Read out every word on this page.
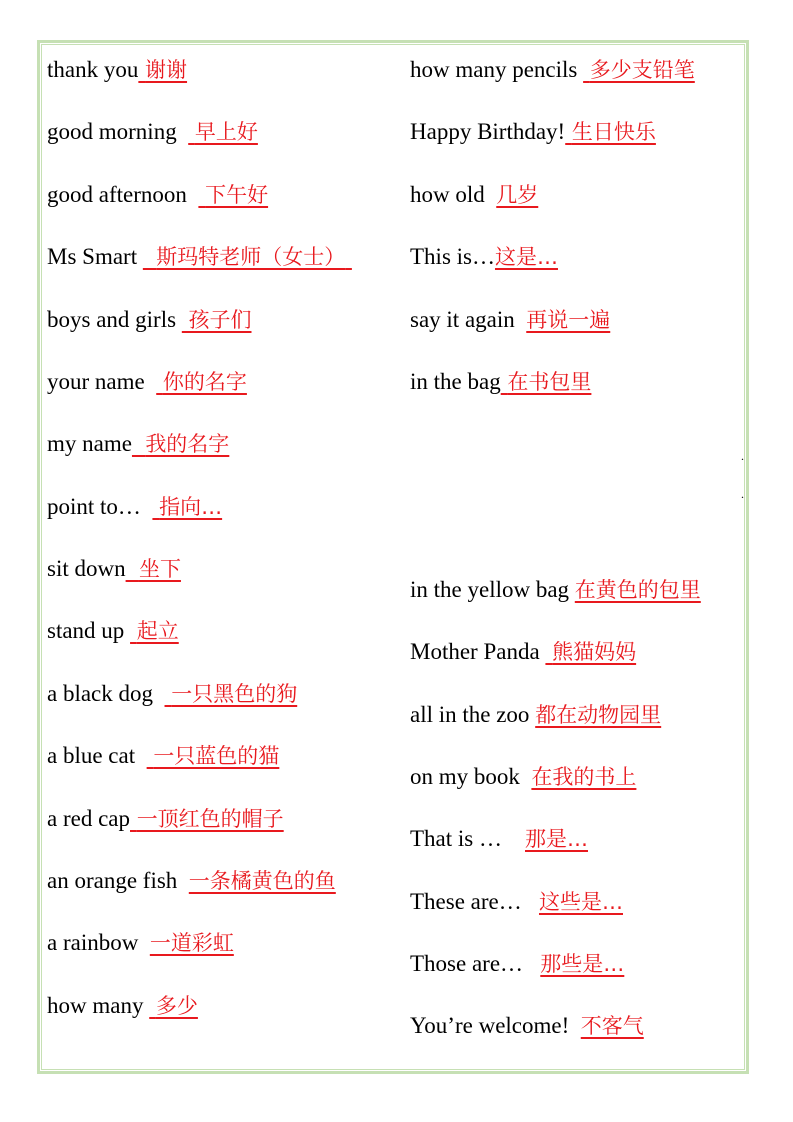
thank you 谢谢
good morning 早上好
good afternoon 下午好
Ms Smart 斯玛特老师（女士）
boys and girls 孩子们
your name 你的名字
my name 我的名字
point to… 指向…
sit down 坐下
stand up 起立
a black dog 一只黑色的狗
a blue cat 一只蓝色的猫
a red cap 一顶红色的帽子
an orange fish 一条橘黄色的鱼
a rainbow 一道彩虹
how many 多少
how many pencils 多少支铅笔
Happy Birthday! 生日快乐
how old 几岁
This is…这是…
say it again 再说一遍
in the bag 在书包里
.
.
in the yellow bag 在黄色的包里
Mother Panda 熊猫妈妈
all in the zoo 都在动物园里
on my book 在我的书上
That is … 那是…
These are… 这些是…
Those are… 那些是…
You’re welcome! 不客气
